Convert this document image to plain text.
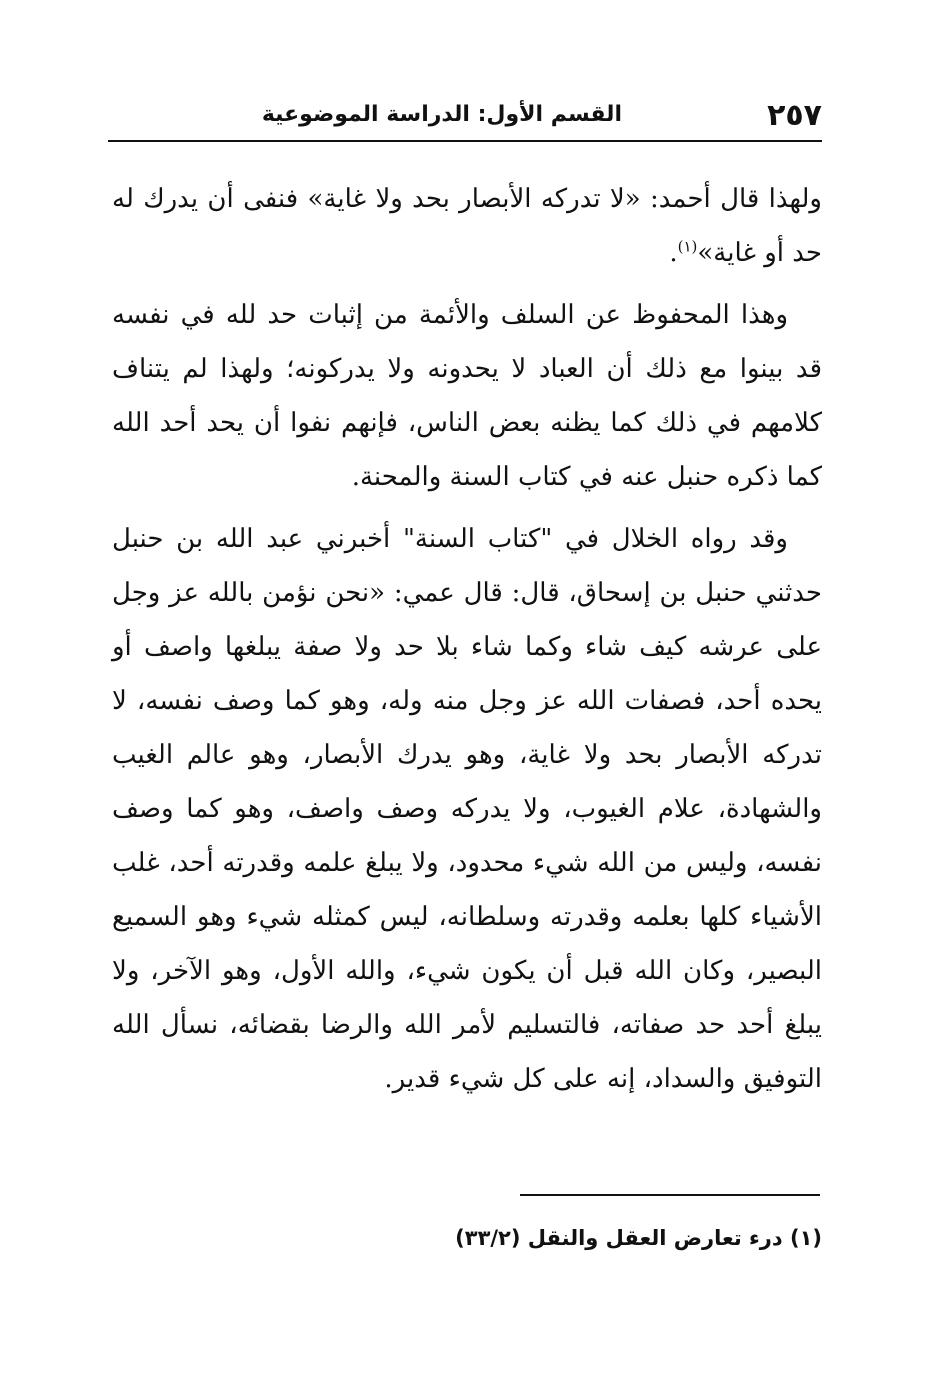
٢٥٧
القسم الأول: الدراسة الموضوعية

ولهذا قال أحمد: «لا تدركه الأبصار بحد ولا غاية» فنفى أن يدرك له حد أو غاية»$^{(١)}$.

وهذا المحفوظ عن السلف والأئمة من إثبات حد لله في نفسه قد بينوا مع ذلك أن العباد لا يحدونه ولا يدركونه؛ ولهذا لم يتناف كلامهم في ذلك كما يظنه بعض الناس، فإنهم نفوا أن يحد أحد الله كما ذكره حنبل عنه في كتاب السنة والمحنة.

وقد رواه الخلال في "كتاب السنة" أخبرني عبد الله بن حنبل حدثني حنبل بن إسحاق، قال: قال عمي: «نحن نؤمن بالله عز وجل على عرشه كيف شاء وكما شاء بلا حد ولا صفة يبلغها واصف أو يحده أحد، فصفات الله عز وجل منه وله، وهو كما وصف نفسه، لا تدركه الأبصار بحد ولا غاية، وهو يدرك الأبصار، وهو عالم الغيب والشهادة، علام الغيوب، ولا يدركه وصف واصف، وهو كما وصف نفسه، وليس من الله شيء محدود، ولا يبلغ علمه وقدرته أحد، غلب الأشياء كلها بعلمه وقدرته وسلطانه، ليس كمثله شيء وهو السميع البصير، وكان الله قبل أن يكون شيء، والله الأول، وهو الآخر، ولا يبلغ أحد حد صفاته، فالتسليم لأمر الله والرضا بقضائه، نسأل الله التوفيق والسداد، إنه على كل شيء قدير.

(١) درء تعارض العقل والنقل (٣٣/٢)
